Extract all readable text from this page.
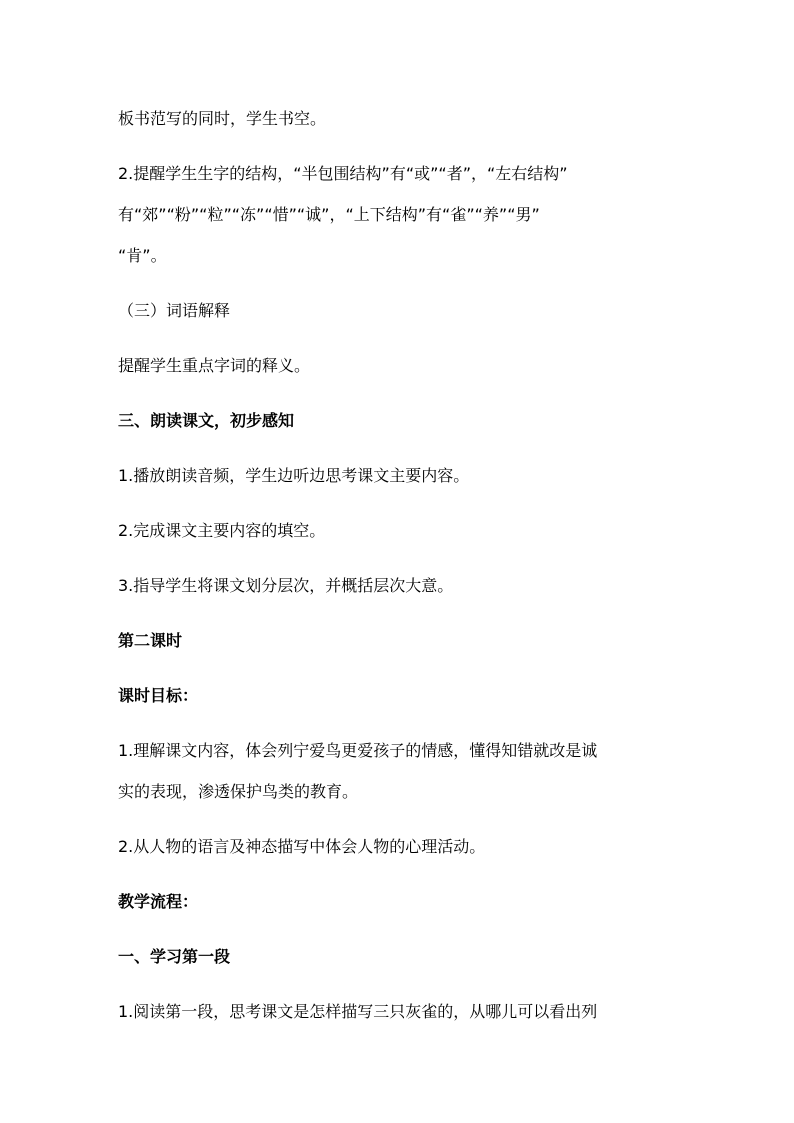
板书范写的同时，学生书空。
2.提醒学生生字的结构，“半包围结构”有“或”“者”，“左右结构”
有“郊”“粉”“粒”“冻”“惜”“诚”，“上下结构”有“雀”“养”“男”
“肯”。
（三）词语解释
提醒学生重点字词的释义。
三、朗读课文，初步感知
1.播放朗读音频，学生边听边思考课文主要内容。
2.完成课文主要内容的填空。
3.指导学生将课文划分层次，并概括层次大意。
第二课时
课时目标：
1.理解课文内容，体会列宁爱鸟更爱孩子的情感，懂得知错就改是诚
实的表现，渗透保护鸟类的教育。
2.从人物的语言及神态描写中体会人物的心理活动。
教学流程：
一、学习第一段
1.阅读第一段，思考课文是怎样描写三只灰雀的，从哪儿可以看出列
